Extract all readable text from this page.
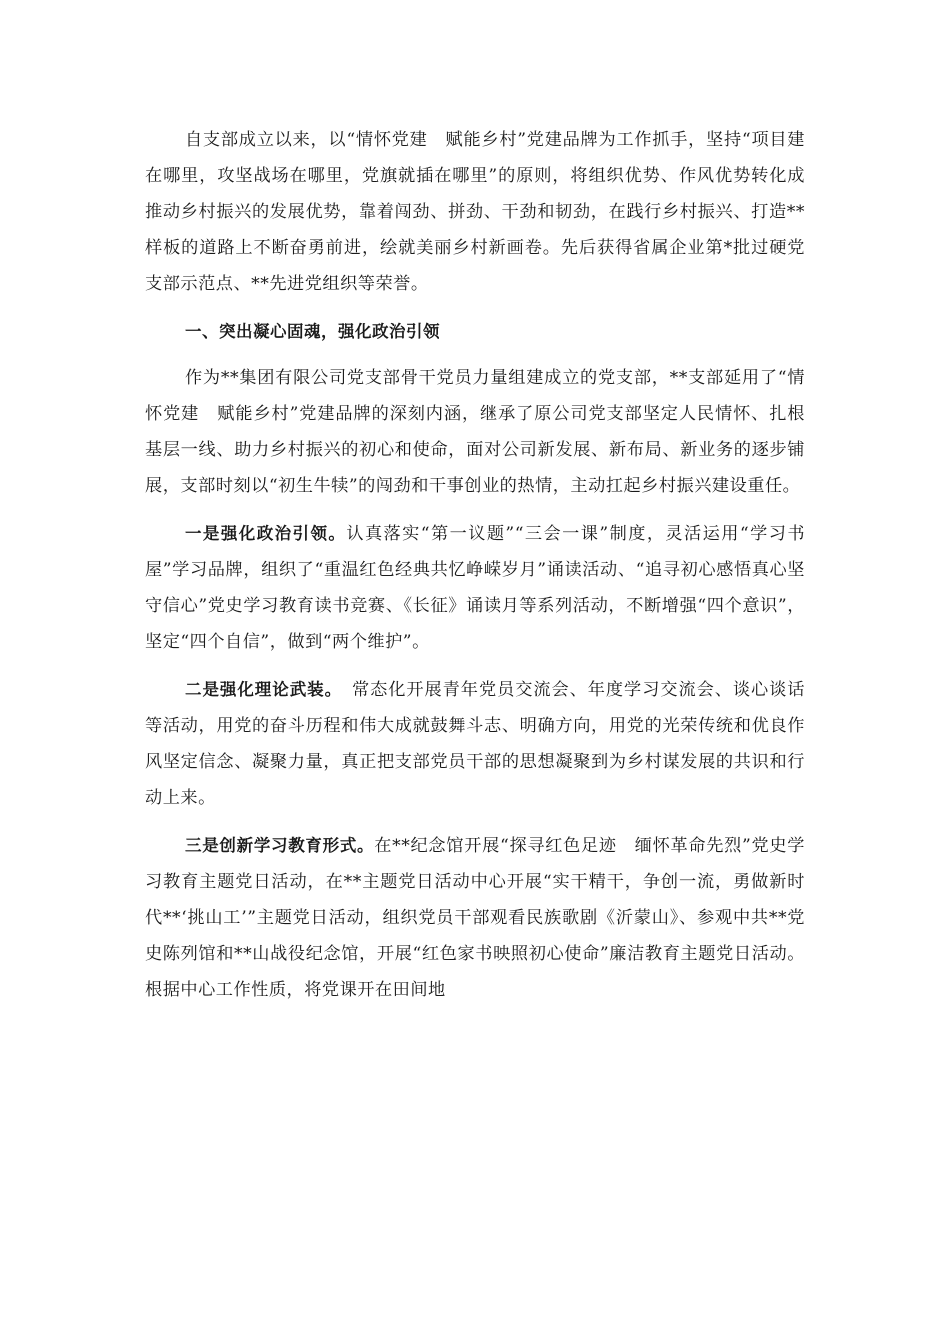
自支部成立以来，以“情怀党建　赋能乡村”党建品牌为工作抓手，坚持“项目建在哪里，攻坚战场在哪里，党旗就插在哪里”的原则，将组织优势、作风优势转化成推动乡村振兴的发展优势，靠着闯劲、拼劲、干劲和韧劲，在践行乡村振兴、打造**样板的道路上不断奋勇前进，绘就美丽乡村新画卷。先后获得省属企业第*批过硬党支部示范点、**先进党组织等荣誉。

一、突出凝心固魂，强化政治引领

作为**集团有限公司党支部骨干党员力量组建成立的党支部，**支部延用了“情怀党建　赋能乡村”党建品牌的深刻内涵，继承了原公司党支部坚定人民情怀、扎根基层一线、助力乡村振兴的初心和使命，面对公司新发展、新布局、新业务的逐步铺展，支部时刻以“初生牛犊”的闯劲和干事创业的热情，主动扛起乡村振兴建设重任。

一是强化政治引领。认真落实“第一议题”“三会一课”制度，灵活运用“学习书屋”学习品牌，组织了“重温红色经典共忆峥嵘岁月”诵读活动、“追寻初心感悟真心坚守信心”党史学习教育读书竞赛、《长征》诵读月等系列活动，不断增强“四个意识”，坚定“四个自信”，做到“两个维护”。

二是强化理论武装。　常态化开展青年党员交流会、年度学习交流会、谈心谈话等活动，用党的奋斗历程和伟大成就鼓舞斗志、明确方向，用党的光荣传统和优良作风坚定信念、凝聚力量，真正把支部党员干部的思想凝聚到为乡村谋发展的共识和行动上来。

三是创新学习教育形式。在**纪念馆开展“探寻红色足迹　缅怀革命先烈”党史学习教育主题党日活动，在**主题党日活动中心开展“实干精干，争创一流，勇做新时代**‘挑山工’”主题党日活动，组织党员干部观看民族歌剧《沂蒙山》、参观中共**党史陈列馆和**山战役纪念馆，开展“红色家书映照初心使命”廉洁教育主题党日活动。根据中心工作性质，将党课开在田间地
